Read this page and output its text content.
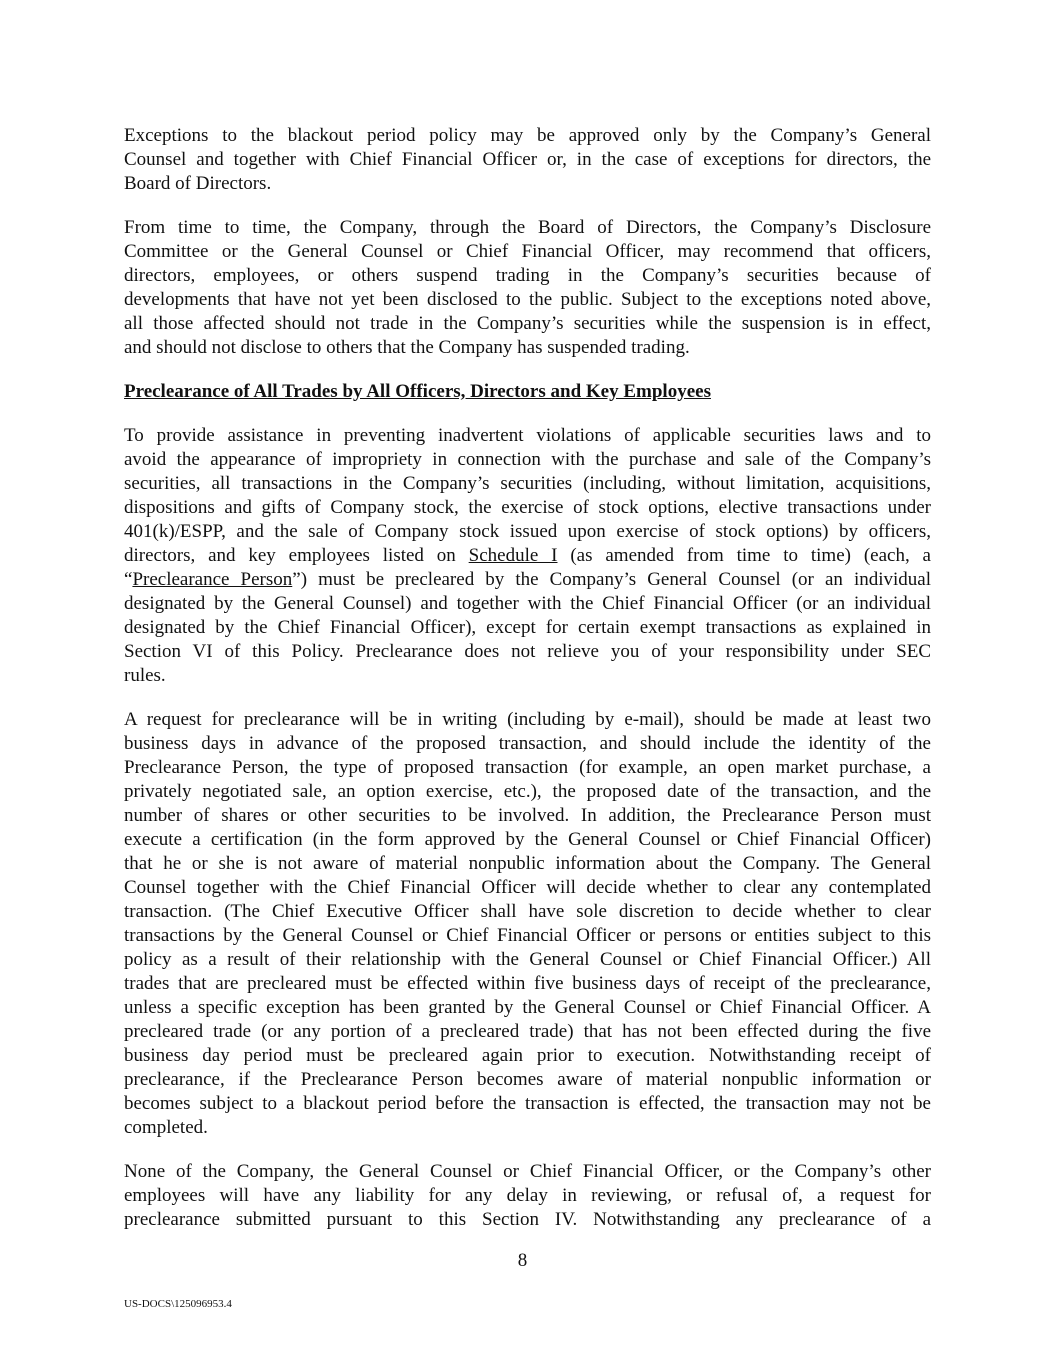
Exceptions to the blackout period policy may be approved only by the Company’s General
Counsel and together with Chief Financial Officer or, in the case of exceptions for directors, the
Board of Directors.
From time to time, the Company, through the Board of Directors, the Company’s Disclosure
Committee or the General Counsel or Chief Financial Officer, may recommend that officers,
directors, employees, or others suspend trading in the Company’s securities because of
developments that have not yet been disclosed to the public. Subject to the exceptions noted above,
all those affected should not trade in the Company’s securities while the suspension is in effect,
and should not disclose to others that the Company has suspended trading.
Preclearance of All Trades by All Officers, Directors and Key Employees
To provide assistance in preventing inadvertent violations of applicable securities laws and to
avoid the appearance of impropriety in connection with the purchase and sale of the Company’s
securities, all transactions in the Company’s securities (including, without limitation, acquisitions,
dispositions and gifts of Company stock, the exercise of stock options, elective transactions under
401(k)/ESPP, and the sale of Company stock issued upon exercise of stock options) by officers,
directors, and key employees listed on Schedule I (as amended from time to time) (each, a
“Preclearance Person”) must be precleared by the Company’s General Counsel (or an individual
designated by the General Counsel) and together with the Chief Financial Officer (or an individual
designated by the Chief Financial Officer), except for certain exempt transactions as explained in
Section VI of this Policy. Preclearance does not relieve you of your responsibility under SEC
rules.
A request for preclearance will be in writing (including by e-mail), should be made at least two
business days in advance of the proposed transaction, and should include the identity of the
Preclearance Person, the type of proposed transaction (for example, an open market purchase, a
privately negotiated sale, an option exercise, etc.), the proposed date of the transaction, and the
number of shares or other securities to be involved. In addition, the Preclearance Person must
execute a certification (in the form approved by the General Counsel or Chief Financial Officer)
that he or she is not aware of material nonpublic information about the Company. The General
Counsel together with the Chief Financial Officer will decide whether to clear any contemplated
transaction. (The Chief Executive Officer shall have sole discretion to decide whether to clear
transactions by the General Counsel or Chief Financial Officer or persons or entities subject to this
policy as a result of their relationship with the General Counsel or Chief Financial Officer.) All
trades that are precleared must be effected within five business days of receipt of the preclearance,
unless a specific exception has been granted by the General Counsel or Chief Financial Officer. A
precleared trade (or any portion of a precleared trade) that has not been effected during the five
business day period must be precleared again prior to execution. Notwithstanding receipt of
preclearance, if the Preclearance Person becomes aware of material nonpublic information or
becomes subject to a blackout period before the transaction is effected, the transaction may not be
completed.
None of the Company, the General Counsel or Chief Financial Officer, or the Company’s other
employees will have any liability for any delay in reviewing, or refusal of, a request for
preclearance submitted pursuant to this Section IV. Notwithstanding any preclearance of a
8
US-DOCS\125096953.4
